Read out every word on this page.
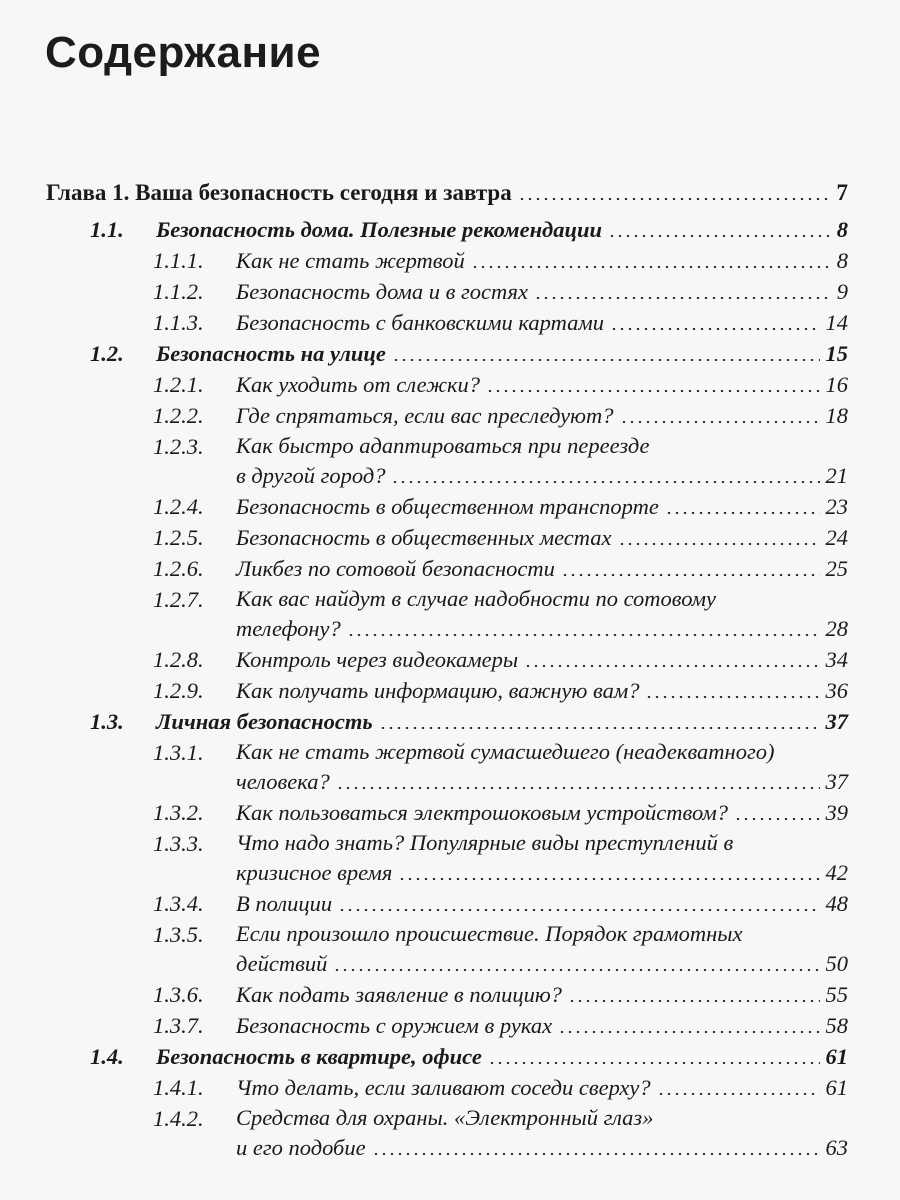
Содержание
Глава 1. Ваша безопасность сегодня и завтра	7
1.1. Безопасность дома. Полезные рекомендации	8
1.1.1. Как не стать жертвой	8
1.1.2. Безопасность дома и в гостях	9
1.1.3. Безопасность с банковскими картами	14
1.2. Безопасность на улице	15
1.2.1. Как уходить от слежки?	16
1.2.2. Где спрятаться, если вас преследуют?	18
1.2.3. Как быстро адаптироваться при переезде
в другой город?	21
1.2.4. Безопасность в общественном транспорте	23
1.2.5. Безопасность в общественных местах	24
1.2.6. Ликбез по сотовой безопасности	25
1.2.7. Как вас найдут в случае надобности по сотовому
телефону?	28
1.2.8. Контроль через видеокамеры	34
1.2.9. Как получать информацию, важную вам?	36
1.3. Личная безопасность	37
1.3.1. Как не стать жертвой сумасшедшего (неадекватного)
человека?	37
1.3.2. Как пользоваться электрошоковым устройством?	39
1.3.3. Что надо знать? Популярные виды преступлений в
кризисное время	42
1.3.4. В полиции	48
1.3.5. Если произошло происшествие. Порядок грамотных
действий	50
1.3.6. Как подать заявление в полицию?	55
1.3.7. Безопасность с оружием в руках	58
1.4. Безопасность в квартире, офисе	61
1.4.1. Что делать, если заливают соседи сверху?	61
1.4.2. Средства для охраны. «Электронный глаз»
и его подобие	63
